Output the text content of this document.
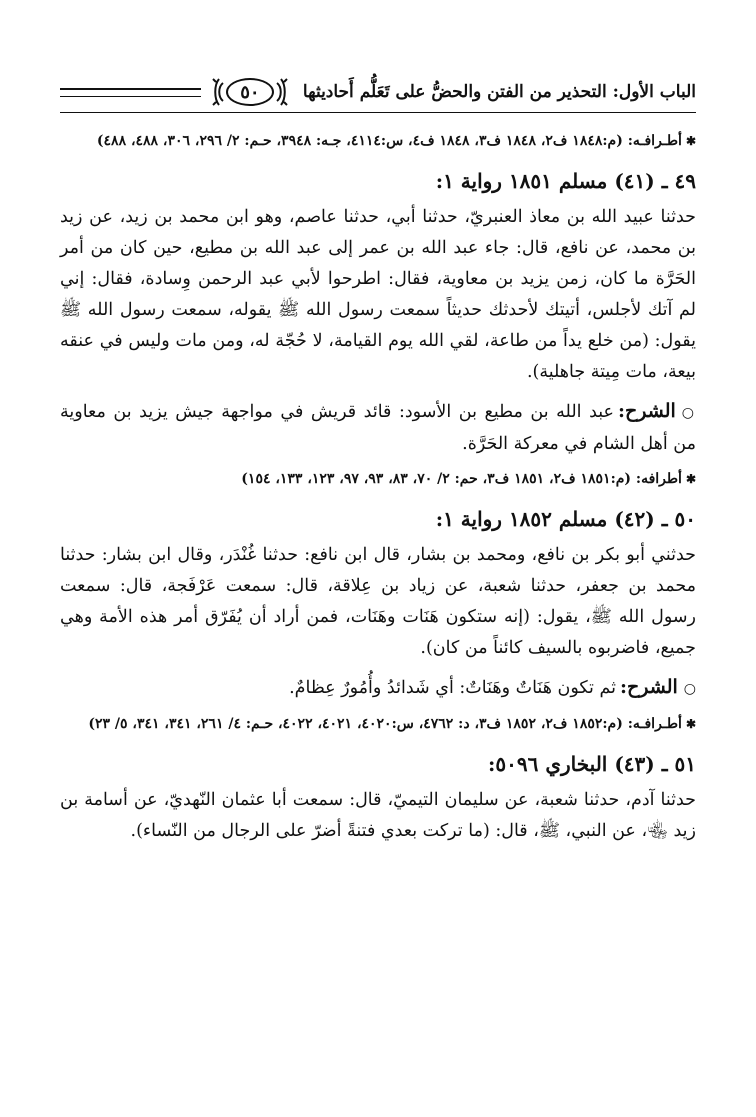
الباب الأول: التحذير من الفتن والحضُّ على تَعَلُّم أَحاديثها
٥٠

✱أطـرافـه: (م:١٨٤٨ ف٢، ١٨٤٨ ف٣، ١٨٤٨ ف٤، س:٤١١٤، جـه: ٣٩٤٨، حـم: ٢/ ٢٩٦، ٣٠٦، ٤٨٨، ٤٨٨)

٤٩ ـ (٤١) مسلم ١٨٥١ رواية ١:

حدثنا عبيد الله بن معاذ العنبريّ، حدثنا أبي، حدثنا عاصم، وهو ابن محمد بن زيد، عن زيد بن محمد، عن نافع، قال: جاء عبد الله بن عمر إلى عبد الله بن مطيع، حين كان من أمر الحَرَّة ما كان، زمن يزيد بن معاوية، فقال: اطرحوا لأبي عبد الرحمن وِسادة، فقال: إني لم آتك لأجلس، أتيتك لأحدثك حديثاً سمعت رسول الله ﷺ يقوله، سمعت رسول الله ﷺ يقول: (من خلع يداً من طاعة، لقي الله يوم القيامة، لا حُجّة له، ومن مات وليس في عنقه بيعة، مات مِيتة جاهلية).

○الشرح:عبد الله بن مطيع بن الأسود: قائد قريش في مواجهة جيش يزيد بن معاوية من أهل الشام في معركة الحَرَّة.

✱أطرافه: (م:١٨٥١ ف٢، ١٨٥١ ف٣، حم: ٢/ ٧٠، ٨٣، ٩٣، ٩٧، ١٢٣، ١٣٣، ١٥٤)

٥٠ ـ (٤٢) مسلم ١٨٥٢ رواية ١:

حدثني أبو بكر بن نافع، ومحمد بن بشار، قال ابن نافع: حدثنا غُنْدَر، وقال ابن بشار: حدثنا محمد بن جعفر، حدثنا شعبة، عن زياد بن عِلاقة، قال: سمعت عَرْفَجة، قال: سمعت رسول الله ﷺ، يقول: (إنه ستكون هَنَات وهَنَات، فمن أراد أن يُفَرّق أمر هذه الأمة وهي جميع، فاضربوه بالسيف كائناً من كان).

○الشرح:ثم تكون هَنَاتٌ وهَنَاتٌ: أي شَدائدُ وأُمُورٌ عِظامٌ.

✱أطـرافـه: (م:١٨٥٢ ف٢، ١٨٥٢ ف٣، د: ٤٧٦٢، س:٤٠٢٠، ٤٠٢١، ٤٠٢٢، حـم: ٤/ ٢٦١، ٣٤١، ٣٤١، ٥/ ٢٣)

٥١ ـ (٤٣) البخاري ٥٠٩٦:

حدثنا آدم، حدثنا شعبة، عن سليمان التيميّ، قال: سمعت أبا عثمان النّهديّ، عن أسامة بن زيد ﵄، عن النبي، ﷺ، قال: (ما تركت بعدي فتنةً أضرّ على الرجال من النّساء).
